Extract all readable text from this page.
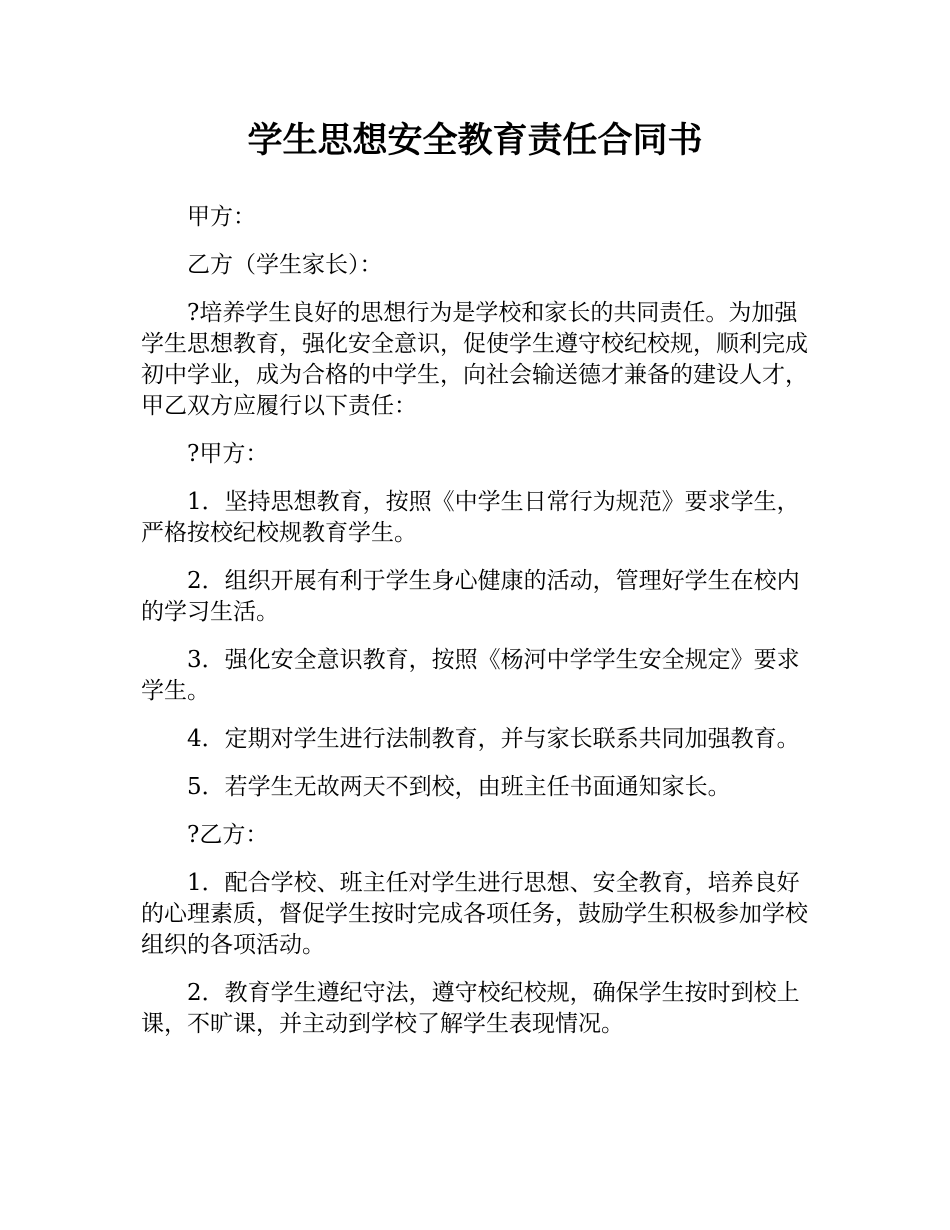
学生思想安全教育责任合同书

甲方：

乙方（学生家长）：

?培养学生良好的思想行为是学校和家长的共同责任。为加强学生思想教育，强化安全意识，促使学生遵守校纪校规，顺利完成初中学业，成为合格的中学生，向社会输送德才兼备的建设人才，甲乙双方应履行以下责任：

?甲方：

1．坚持思想教育，按照《中学生日常行为规范》要求学生，严格按校纪校规教育学生。

2．组织开展有利于学生身心健康的活动，管理好学生在校内的学习生活。

3．强化安全意识教育，按照《杨河中学学生安全规定》要求学生。

4．定期对学生进行法制教育，并与家长联系共同加强教育。

5．若学生无故两天不到校，由班主任书面通知家长。

?乙方：

1．配合学校、班主任对学生进行思想、安全教育，培养良好的心理素质，督促学生按时完成各项任务，鼓励学生积极参加学校组织的各项活动。

2．教育学生遵纪守法，遵守校纪校规，确保学生按时到校上课，不旷课，并主动到学校了解学生表现情况。
